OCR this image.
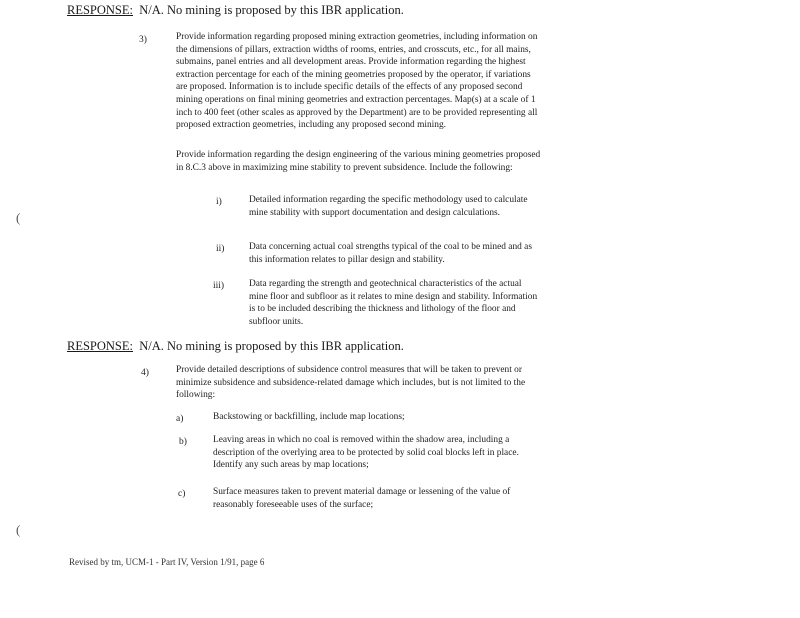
RESPONSE: N/A. No mining is proposed by this IBR application.
3)	Provide information regarding proposed mining extraction geometries, including information on the dimensions of pillars, extraction widths of rooms, entries, and crosscuts, etc., for all mains, submains, panel entries and all development areas. Provide information regarding the highest extraction percentage for each of the mining geometries proposed by the operator, if variations are proposed. Information is to include specific details of the effects of any proposed second mining operations on final mining geometries and extraction percentages. Map(s) at a scale of 1 inch to 400 feet (other scales as approved by the Department) are to be provided representing all proposed extraction geometries, including any proposed second mining.
Provide information regarding the design engineering of the various mining geometries proposed in 8.C.3 above in maximizing mine stability to prevent subsidence. Include the following:
i)	Detailed information regarding the specific methodology used to calculate mine stability with support documentation and design calculations.
ii)	Data concerning actual coal strengths typical of the coal to be mined and as this information relates to pillar design and stability.
iii)	Data regarding the strength and geotechnical characteristics of the actual mine floor and subfloor as it relates to mine design and stability. Information is to be included describing the thickness and lithology of the floor and subfloor units.
RESPONSE: N/A. No mining is proposed by this IBR application.
4)	Provide detailed descriptions of subsidence control measures that will be taken to prevent or minimize subsidence and subsidence-related damage which includes, but is not limited to the following:
a)	Backstowing or backfilling, include map locations;
b)	Leaving areas in which no coal is removed within the shadow area, including a description of the overlying area to be protected by solid coal blocks left in place. Identify any such areas by map locations;
c)	Surface measures taken to prevent material damage or lessening of the value of reasonably foreseeable uses of the surface;
(
(
Revised by tm, UCM-1 - Part IV, Version 1/91, page 6
